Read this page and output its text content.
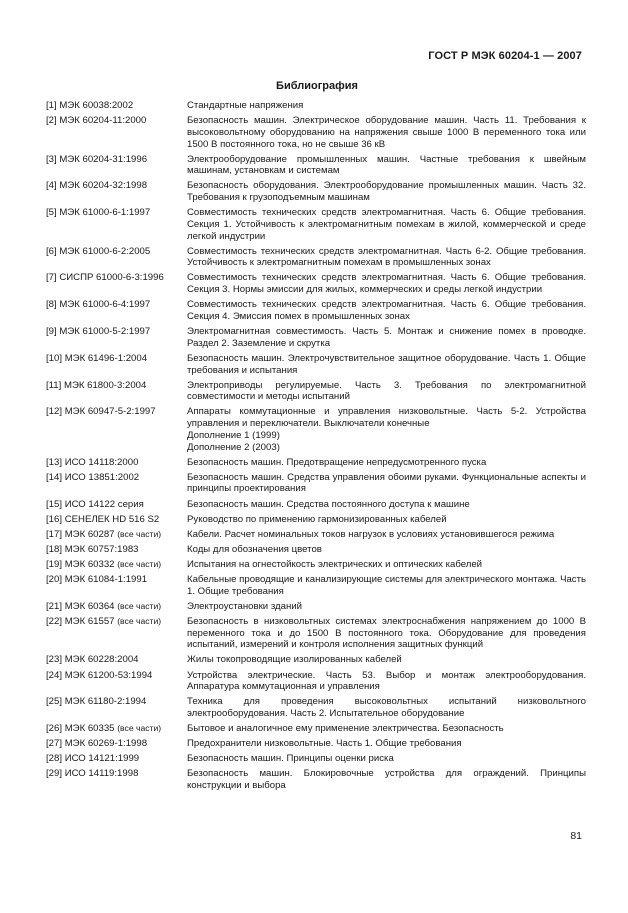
ГОСТ Р МЭК 60204-1 — 2007
Библиография
[1] МЭК 60038:2002	Стандартные напряжения
[2] МЭК 60204-11:2000	Безопасность машин. Электрическое оборудование машин. Часть 11. Требования к высоковольтному оборудованию на напряжения свыше 1000 В переменного тока или 1500 В постоянного тока, но не свыше 36 кВ
[3] МЭК 60204-31:1996	Электрооборудование промышленных машин. Частные требования к швейным машинам, установкам и системам
[4] МЭК 60204-32:1998	Безопасность оборудования. Электрооборудование промышленных машин. Часть 32. Требования к грузоподъемным машинам
[5] МЭК 61000-6-1:1997	Совместимость технических средств электромагнитная. Часть 6. Общие требования. Секция 1. Устойчивость к электромагнитным помехам в жилой, коммерческой и среде легкой индустрии
[6] МЭК 61000-6-2:2005	Совместимость технических средств электромагнитная. Часть 6-2. Общие требования. Устойчивость к электромагнитным помехам в промышленных зонах
[7] СИСПР 61000-6-3:1996	Совместимость технических средств электромагнитная. Часть 6. Общие требования. Секция 3. Нормы эмиссии для жилых, коммерческих и среды легкой индустрии
[8] МЭК 61000-6-4:1997	Совместимость технических средств электромагнитная. Часть 6. Общие требования. Секция 4. Эмиссия помех в промышленных зонах
[9] МЭК 61000-5-2:1997	Электромагнитная совместимость. Часть 5. Монтаж и снижение помех в проводке. Раздел 2. Заземление и скрутка
[10] МЭК 61496-1:2004	Безопасность машин. Электрочувствительное защитное оборудование. Часть 1. Общие требования и испытания
[11] МЭК 61800-3:2004	Электроприводы регулируемые. Часть 3. Требования по электромагнитной совместимости и методы испытаний
[12] МЭК 60947-5-2:1997	Аппараты коммутационные и управления низковольтные. Часть 5-2. Устройства управления и переключатели. Выключатели конечные
Дополнение 1 (1999)
Дополнение 2 (2003)
[13] ИСО 14118:2000	Безопасность машин. Предотвращение непредусмотренного пуска
[14] ИСО 13851:2002	Безопасность машин. Средства управления обоими руками. Функциональные аспекты и принципы проектирования
[15] ИСО 14122 серия	Безопасность машин. Средства постоянного доступа к машине
[16] СЕНЕЛЕК HD 516 S2	Руководство по применению гармонизированных кабелей
[17] МЭК 60287 (все части)	Кабели. Расчет номинальных токов нагрузок в условиях установившегося режима
[18] МЭК 60757:1983	Коды для обозначения цветов
[19] МЭК 60332 (все части)	Испытания на огнестойкость электрических и оптических кабелей
[20] МЭК 61084-1:1991	Кабельные проводящие и канализирующие системы для электрического монтажа. Часть 1. Общие требования
[21] МЭК 60364 (все части)	Электроустановки зданий
[22] МЭК 61557 (все части)	Безопасность в низковольтных системах электроснабжения напряжением до 1000 В переменного тока и до 1500 В постоянного тока. Оборудование для проведения испытаний, измерений и контроля исполнения защитных функций
[23] МЭК 60228:2004	Жилы токопроводящие изолированных кабелей
[24] МЭК 61200-53:1994	Устройства электрические. Часть 53. Выбор и монтаж электрооборудования. Аппаратура коммутационная и управления
[25] МЭК 61180-2:1994	Техника для проведения высоковольтных испытаний низковольтного электрооборудования. Часть 2. Испытательное оборудование
[26] МЭК 60335 (все части)	Бытовое и аналогичное ему применение электричества. Безопасность
[27] МЭК 60269-1:1998	Предохранители низковольтные. Часть 1. Общие требования
[28] ИСО 14121:1999	Безопасность машин. Принципы оценки риска
[29] ИСО 14119:1998	Безопасность машин. Блокировочные устройства для ограждений. Принципы конструкции и выбора
81
